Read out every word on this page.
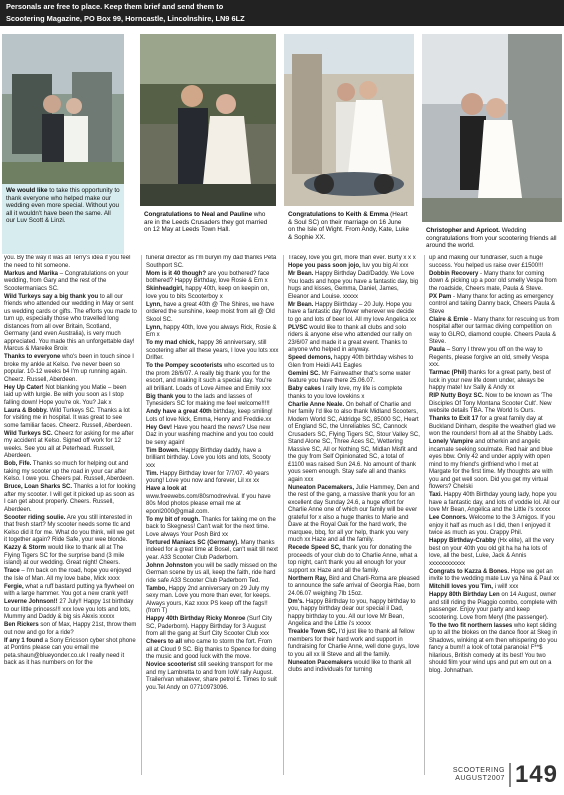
Personals are free to place. Keep them brief and send them to
Scootering Magazine, PO Box 99, Horncastle, Lincolnshire, LN9 6LZ
We would like to take this opportunity to thank everyone who helped make our wedding even more special. Without you all it wouldn't have been the same. All our Luv Scott & Linzi.
Congratulations to Neal and Pauline who are in the Leeds Crusaders they got married on 12 May at Leeds Town Hall.
Congratulations to Keith & Emma (Heart & Soul SC) on their marriage on 16 June on the Isle of Wight. From Andy, Kate, Luke & Sophie XX.
Christopher and Apricot. Wedding congratulations from your scootering friends all around the world.

you. By the way it was all Terry's idea if you feel the need to hit someone.

Markus and Marika – Congratulations on your wedding, from Gary and the rest of the Scootermaniacs SC.

Wild Turkeys say a big thank you to all our friends who attended our wedding in May or sent us wedding cards or gifts. The efforts you made to turn up, especially those who travelled long distances from all over Britain, Scotland, Germany (and even Australia), is very much appreciated. You made this an unforgettable day! Marcus & Mareike Broix

Thanks to everyone who's been in touch since I broke my ankle at Kelso. I've never been so popular. 10-12 weeks b4 I'm up running again. Cheerz. Russell, Aberdeen.

Hey Up Cater! Not blanking you Matie – been laid up with lurgie. Be with you soon as I stop falling down! Hope you're ok. You? Jak x

Laura & Bobby. Wild Turkeys SC. Thanks a lot for visiting me in hospital. It was great to see some familiar faces. Cheerz. Russell, Aberdeen.

Wild Turkeys SC. Cheerz for asking for me after my accident at Kelso. Signed off work for 12 weeks. See you all at Peterhead. Russell, Aberdeen.

Bob, Fife. Thanks so much for helping out and taking my scooter up the road in your car after Kelso. I owe you. Cheers pal. Russell, Aberdeen.

Bruce, Loan Sharks SC. Thanks a lot for looking after my scooter. I will get it picked up as soon as I can get about properly. Cheers. Russell, Aberdeen.

Scooter riding soulie. Are you still interested in that fresh start? My scooter needs some tlc and Kelso did it for me. What do you think, will we get it together again? Ride Safe, your wee blonde.

Kazzy & Storm would like to thank all at The Flying Tigers SC for the surprise band (3 mile island) at our wedding. Great night! Cheers.

Trace – I'm back on the road, hope you enjoyed the Isle of Man. All my love babe, Mick xxxx

Fergie, what a ruff bastard putting ya flywheel on with a large hammer. You got a new crank yet!!

Leverne Johnson!! 27 July!! Happy 1st birthday to our little princess!!! xxx love you lots and lots, Mummy and Daddy & big sis Alexis xxxxx

Ben Rickers son of Max, Happy 21st, throw them out now and go for a ride?

If any 1 found a Sony Ericsson cyber shot phone at Pontins please can you email me peta.shaun@blueyonder.co.uk I really need it back as it has numbers on for the

funeral director as I'm buryin my dad thanks Peta Southport SC.

Mom is it 40 though? are you bothered? face bothered? Happy Birthday, love Rosie & Em x

Skinheadgirl, happy 40th, keep on keepin on, love you to bits Scooterboy x

Lynn, have a great 40th @ The Shires, we have ordered the sunshine, keep moist from all @ Old Skool SC.

Lynn, happy 40th, love you always Rick, Rosie & Em x

To my mad chick, happy 36 anniversary, still scootering after all these years, I love you lots xxx Drifter.

To the Pompey scooterists who escorted us to the prom 28/6/07. A really big thank you for the escort, and making it such a special day. You're all brilliant. Loads of Love Aimee and Emily xxx

Big thank you to the lads and lasses of Tynesiders SC for making me feel welcome!!!!!

Andy have a great 40th birthday, keep smiling! Lots of love Nick, Emma, Henry and Freddie.xx

Hey Gev! Have you heard the news? Use new Daz in your washing machine and you too could be sexy again!

Tim Bowen. Happy Birthday daddy, have a brilliant birthday. Love you lots and lots, Scooty xxx

Tim. Happy Birthday lover for 7/7/07. 40 years young! Love you now and forever, Lil xx xx

Have a look at www.freewebs.com/80smodrevival. If you have 80s Mod photos please email me at eponl2000@gmail.com.

To my bit of rough. Thanks for taking me on the back to Skegness! Can't wait for the next time. Love always Your Posh Bird xx

Tortured Maniacs SC (Germany). Many thanks indeed for a great time at Bosel, can't wait till next year. A33 Scooter Club Paderborn.

Johnn Johnston you will be sadly missed on the German scene by us all, keep the faith, ride hard ride safe A33 Scooter Club Paderborn Ted.

Tambo, Happy 2nd anniversary on 29 July my sexy man. Love you more than ever, for keeps. Always yours, Kaz xxxx PS keep off the fags!! (from T)

Happy 40th Birthday Ricky Monroe (Surf City SC, Paderborn). Happy Birthday for 3 August from all the gang at Surf City Scooter Club xxx

Cheers to all who came to storm the fort. From all at Cloud 9 SC. Big thanks to Spence for doing the music and good luck with the move.

Novice scooterist still seeking transport for me and my Lambretta to and from IoW rally August. Trailer/van whatever, share petrol £. Times to suit you.Tel Andy on 07710973096.

Tracey, love you girl, more than ever. Burty x x x

Hope you pass soon jojo, luv you big Al xxx

Mr Bean. Happy Birthday Dad/Daddy. We Love You loads and hope you have a fantastic day, big hugs and kisses, Gemma, Daniel, James, Eleanor and Louise. xxxxx

Mr Bean. Happy Biirthday – 20 July. Hope you have a fantastic day flower wherever we decide to go and lots of beer lol. All my love Angelica xx

PLVSC would like to thank all clubs and solo riders & anyone else who attended our rally on 23/6/07 and made it a great event. Thanks to anyone who helped in anyway.

Speed demons, happy 40th birthday wishes to Glen from Heidi A41 Eagles

Gemini SC. Mr Fairweather that's some water feature you have there 25.06.07.

Baby cakes I rally love, my life is complete thanks to you love lovekins x

Charlie Anne Neale. On behalf of Charlie and her family I'd like to also thank Midland Scooters, Modern World SC, Aldridge SC, 85000 SC, Heart of England SC, the Unreliables SC, Cannock Crusaders SC, Flying Tigers SC, Stour Valley SC, Stand Alone SC, Three Aces SC, Wettering Massive SC, All or Nothing SC, Midlan Misfit and the guy from Self Opinionated SC, a total of £1100 was raised Sun 24.6. No amount of thank yous seem enough. Stay safe all and thanks again xxx

Nuneaton Pacemakers, Julie Hammey, Den and the rest of the gang, a massive thank you for an excellent day Sunday 24.6, a huge effort for Charlie Anne one of which our family will be ever grateful for x also a huge thanks to Marie and Dave at the Royal Oak for the hard work, the marquee, bbq, for all yor help, thank you very much xx Haze and all the family.

Recede Speed SC, thank you for donating the proceeds of your club do to Charlie Anne, what a top night, can't thank you all enough for your support xx Haze and all the family.

Northern Ray, Bird and Charli-Roma are pleased to announce the safe arrival of Georgia Rae, born 24.06.07 weighing 7lb 15oz.

Dm's. Happy Biirthday to you, happy birthday to you, happy birthday dear our special il Dad, happy birthday to you. All our love Mr Bean, Angelica and the Little i's xxxxx

Treakle Town SC, I'd just like to thank all fellow members for their hard work and support in fundraising for Charlie Anne, well done guys, love to you all xx lil Steve and all the family.

Nuneaton Pacemakers would like to thank all clubs and individuals for turning

up and making our fundraiser, such a huge success. You helped us raise over £1500!!!

Dobbin Recovery - Many thanx for coming down & picking up a poor old smelly Vespa from the roadside, Cheers mate, Paula & Steve.

PX Pam - Many thanx for acting as emergency control and taking Danny back, Cheers Paula & Steve

Claire & Ernie - Many thanx for rescuing us from hospital after our tarmac diving competition on way to GLRO, diamond couple. Cheers Paula & Steve.

Paula – Sorry I threw you off on the way to Regents, please forgive an old, smelly Vespa xxx.

Tarmac (Phil) thanks for a great party, best of luck in your new life down under, always be happy mate! luv Sally & Andy xx

RIP Nutty Boyz SC. Now to be known as 'The Disciples Of Tony Montana Scooter Cult'. New website details TBA. The World Is Ours.

Thanks to Exit 17 for a great family day at Buckland Dinham, despite the weather! glad we won the rounders! from all at the Shabby Lads.

Lonely Vampire and otherkin and angelic incarnate seeking soulmate. Red hair and blue eyes bbw. Only 42 and under apply with open mind to my friend's girlfriend who I met at Margate for the first time. My thoughts are with you and get well soon. Did you get my virtual flowers? Chelski

Taxi. Happy 40th Birthday young lady, hope you have a fantastic day, and lots of voddie lol. All our love Mr Bean, Angelica and the Little i's xxxxx

Lee Connors. Welcome to the 3 Amigos. If you enjoy it half as much as I did, then I enjoyed it twice as much as you. Crappy Phil.

Happy Birthday-Crabby (Hx elite), all the very best on your 40th you old git ha ha ha lots of love, all the best, Luke, Jack & Annis xxxxxxxxxxxx

Congrats to Kazza & Bones. Hope we get an invite to the wedding mate Luv ya Nina & Paul xx

Mitchill loves you Tim, i will! xxx

Happy 80th Birthday Len on 14 August, owner and still riding the Piaggio combo, complete with passenger. Enjoy your party and keep scootering. Love from Meryl (the passenger).

To the two fit northern lasses who kept sliding up to all the blokes on the dance floor at Skeg in Shadows, winking at em then whispering do you fancy a bum!! a look of total paranoia! F**$ hilarious, British comedy at its best! You two should film your wind ups and put em out on a blog. Johnathan.

SCOOTERING
AUGUST2007 149
